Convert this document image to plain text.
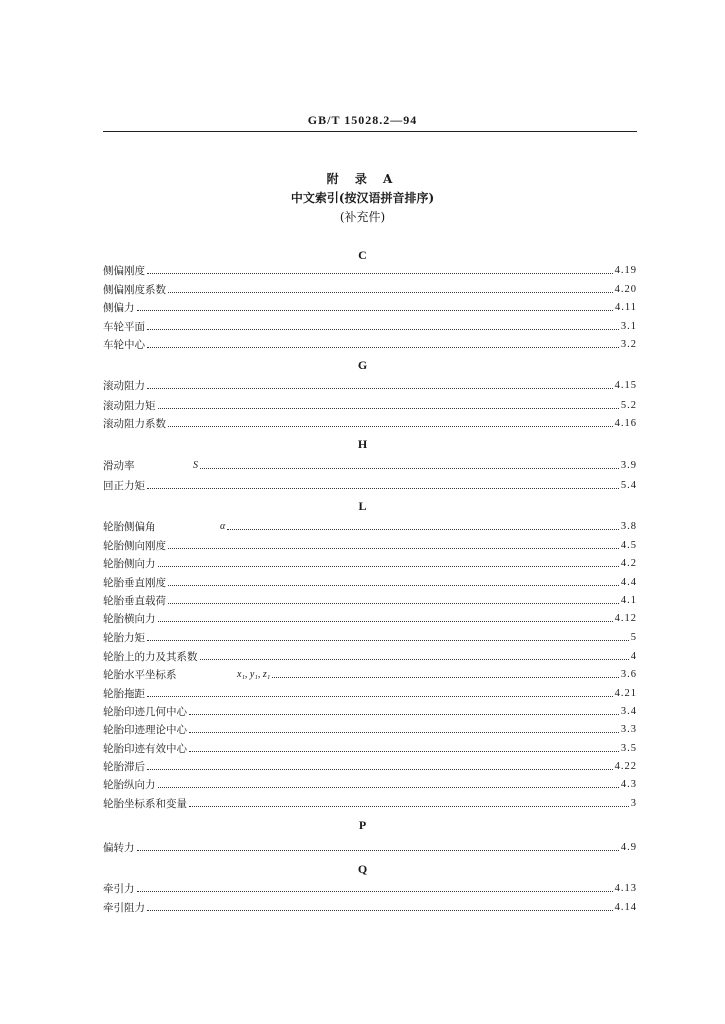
GB/T 15028.2—94
附 录 A
中文索引(按汉语拼音排序)
(补充件)
C
侧偏刚度	4.19
侧偏刚度系数	4.20
侧偏力	4.11
车轮平面	3.1
车轮中心	3.2
G
滚动阻力	4.15
滚动阻力矩	5.2
滚动阻力系数	4.16
H
滑动率	S	3.9
回正力矩	5.4
L
轮胎侧偏角	α	3.8
轮胎侧向刚度	4.5
轮胎侧向力	4.2
轮胎垂直刚度	4.4
轮胎垂直载荷	4.1
轮胎横向力	4.12
轮胎力矩	5
轮胎上的力及其系数	4
轮胎水平坐标系	x₁, y₁, z₁	3.6
轮胎拖距	4.21
轮胎印迹几何中心	3.4
轮胎印迹理论中心	3.3
轮胎印迹有效中心	3.5
轮胎滞后	4.22
轮胎纵向力	4.3
轮胎坐标系和变量	3
P
偏转力	4.9
Q
牵引力	4.13
牵引阻力	4.14
